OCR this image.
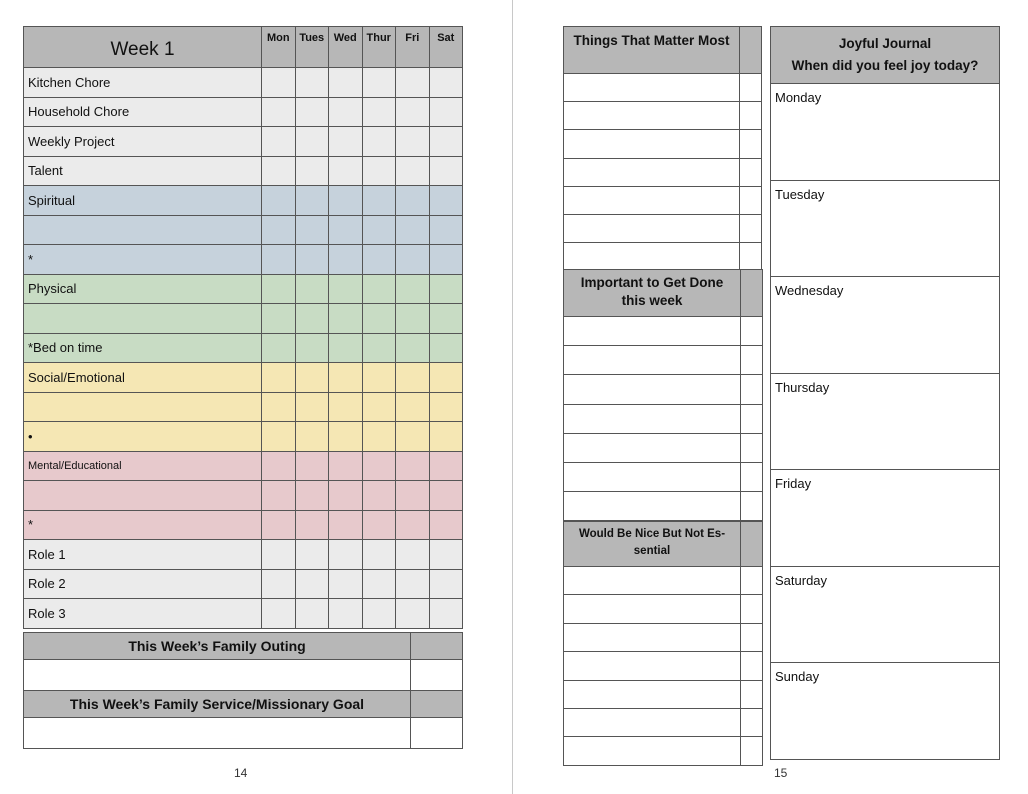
Week 1	Mon	Tues	Wed	Thur	Fri	Sat
Kitchen Chore						
Household Chore						
Weekly Project						
Talent						
Spiritual						

*						
Physical						

*Bed on time						
Social/Emotional						

•						
Mental/Educational						

*						
Role 1						
Role 2						
Role 3						
This Week’s Family Outing	

This Week’s Family Service/Missionary Goal	

14
Things That Matter Most	

Important to Get Done
this week	

Would Be Nice But Not Es-
sential	

Joyful Journal
When did you feel joy today?

Monday
Tuesday
Wednesday
Thursday
Friday
Saturday
Sunday
15
